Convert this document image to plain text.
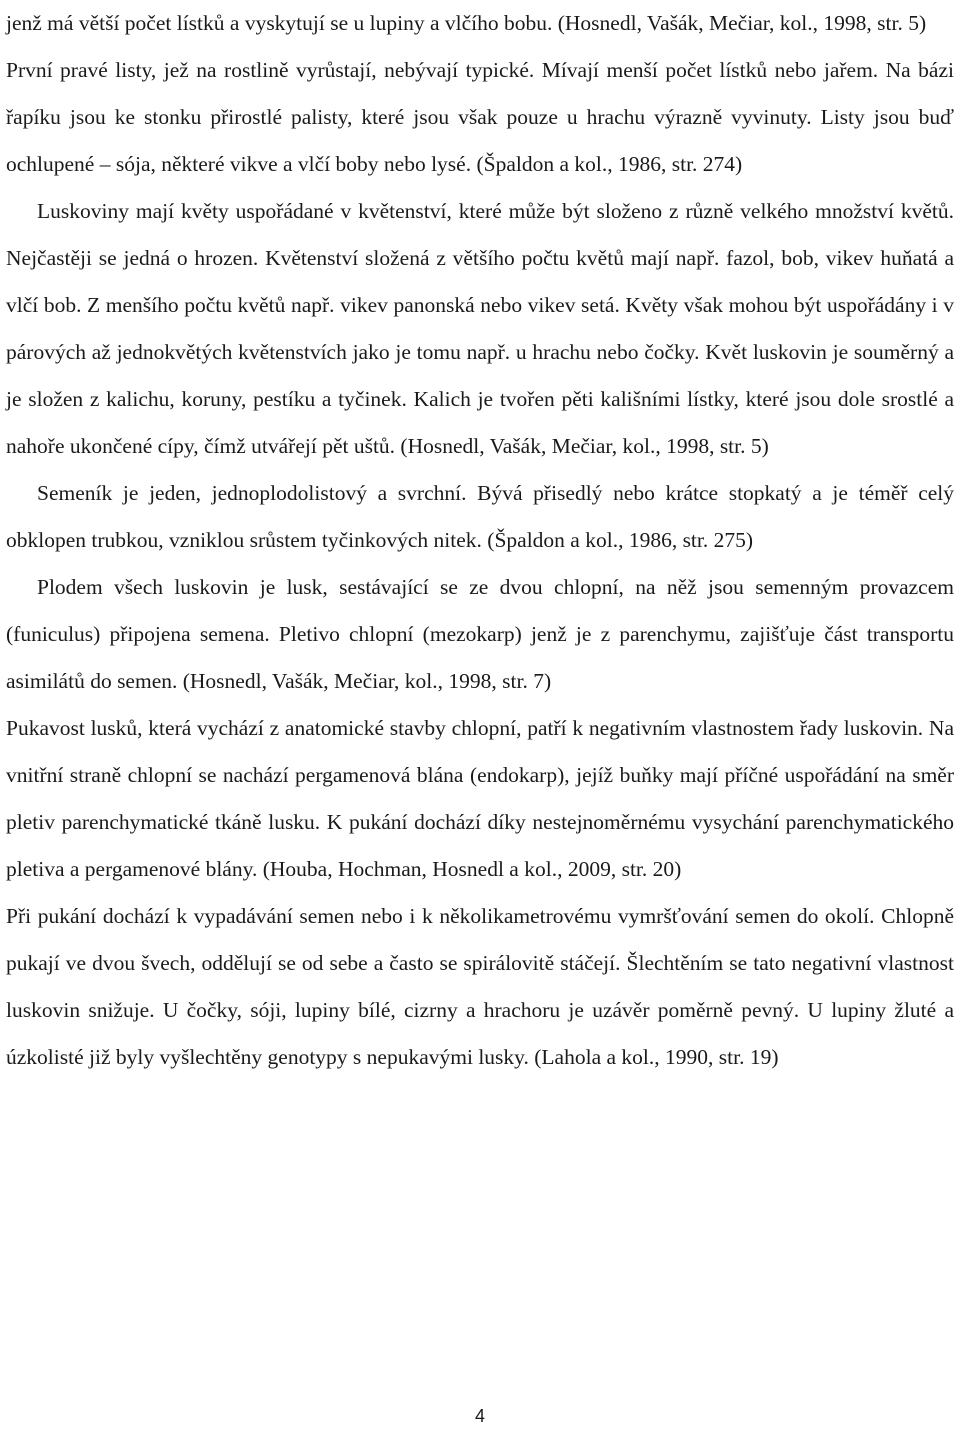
jenž má větší počet lístků a vyskytují se u lupiny a vlčího bobu. (Hosnedl, Vašák, Mečiar, kol., 1998, str. 5)

První pravé listy, jež na rostlině vyrůstají, nebývají typické. Mívají menší počet lístků nebo jařem. Na bázi řapíku jsou ke stonku přirostlé palisty, které jsou však pouze u hrachu výrazně vyvinuty. Listy jsou buď ochlupené – sója, některé vikve a vlčí boby nebo lysé. (Špaldon a kol., 1986, str. 274)

Luskoviny mají květy uspořádané v květenství, které může být složeno z různě velkého množství květů. Nejčastěji se jedná o hrozen. Květenství složená z většího počtu květů mají např. fazol, bob, vikev huňatá a vlčí bob. Z menšího počtu květů např. vikev panonská nebo vikev setá. Květy však mohou být uspořádány i v párových až jednokvětých květenstvích jako je tomu např. u hrachu nebo čočky. Květ luskovin je souměrný a je složen z kalichu, koruny, pestíku a tyčinek. Kalich je tvořen pěti kališními lístky, které jsou dole srostlé a nahoře ukončené cípy, čímž utvářejí pět uštů. (Hosnedl, Vašák, Mečiar, kol., 1998, str. 5)

Semeník je jeden, jednoplodolistový a svrchní. Bývá přisedlý nebo krátce stopkatý a je téměř celý obklopen trubkou, vzniklou srůstem tyčinkových nitek. (Špaldon a kol., 1986, str. 275)

Plodem všech luskovin je lusk, sestávající se ze dvou chlopní, na něž jsou semenným provazcem (funiculus) připojena semena. Pletivo chlopní (mezokarp) jenž je z parenchymu, zajišťuje část transportu asimilátů do semen. (Hosnedl, Vašák, Mečiar, kol., 1998, str. 7)

Pukavost lusků, která vychází z anatomické stavby chlopní, patří k negativním vlastnostem řady luskovin. Na vnitřní straně chlopní se nachází pergamenová blána (endokarp), jejíž buňky mají příčné uspořádání na směr pletiv parenchymatické tkáně lusku. K pukání dochází díky nestejnoměrnému vysychání parenchymatického pletiva a pergamenové blány. (Houba, Hochman, Hosnedl a kol., 2009, str. 20)

Při pukání dochází k vypadávání semen nebo i k několikametrovému vymršťování semen do okolí. Chlopně pukají ve dvou švech, oddělují se od sebe a často se spirálovitě stáčejí. Šlechtěním se tato negativní vlastnost luskovin snižuje. U čočky, sóji, lupiny bílé, cizrny a hrachoru je uzávěr poměrně pevný. U lupiny žluté a úzkolisté již byly vyšlechtěny genotypy s nepukavými lusky. (Lahola a kol., 1990, str. 19)

4
